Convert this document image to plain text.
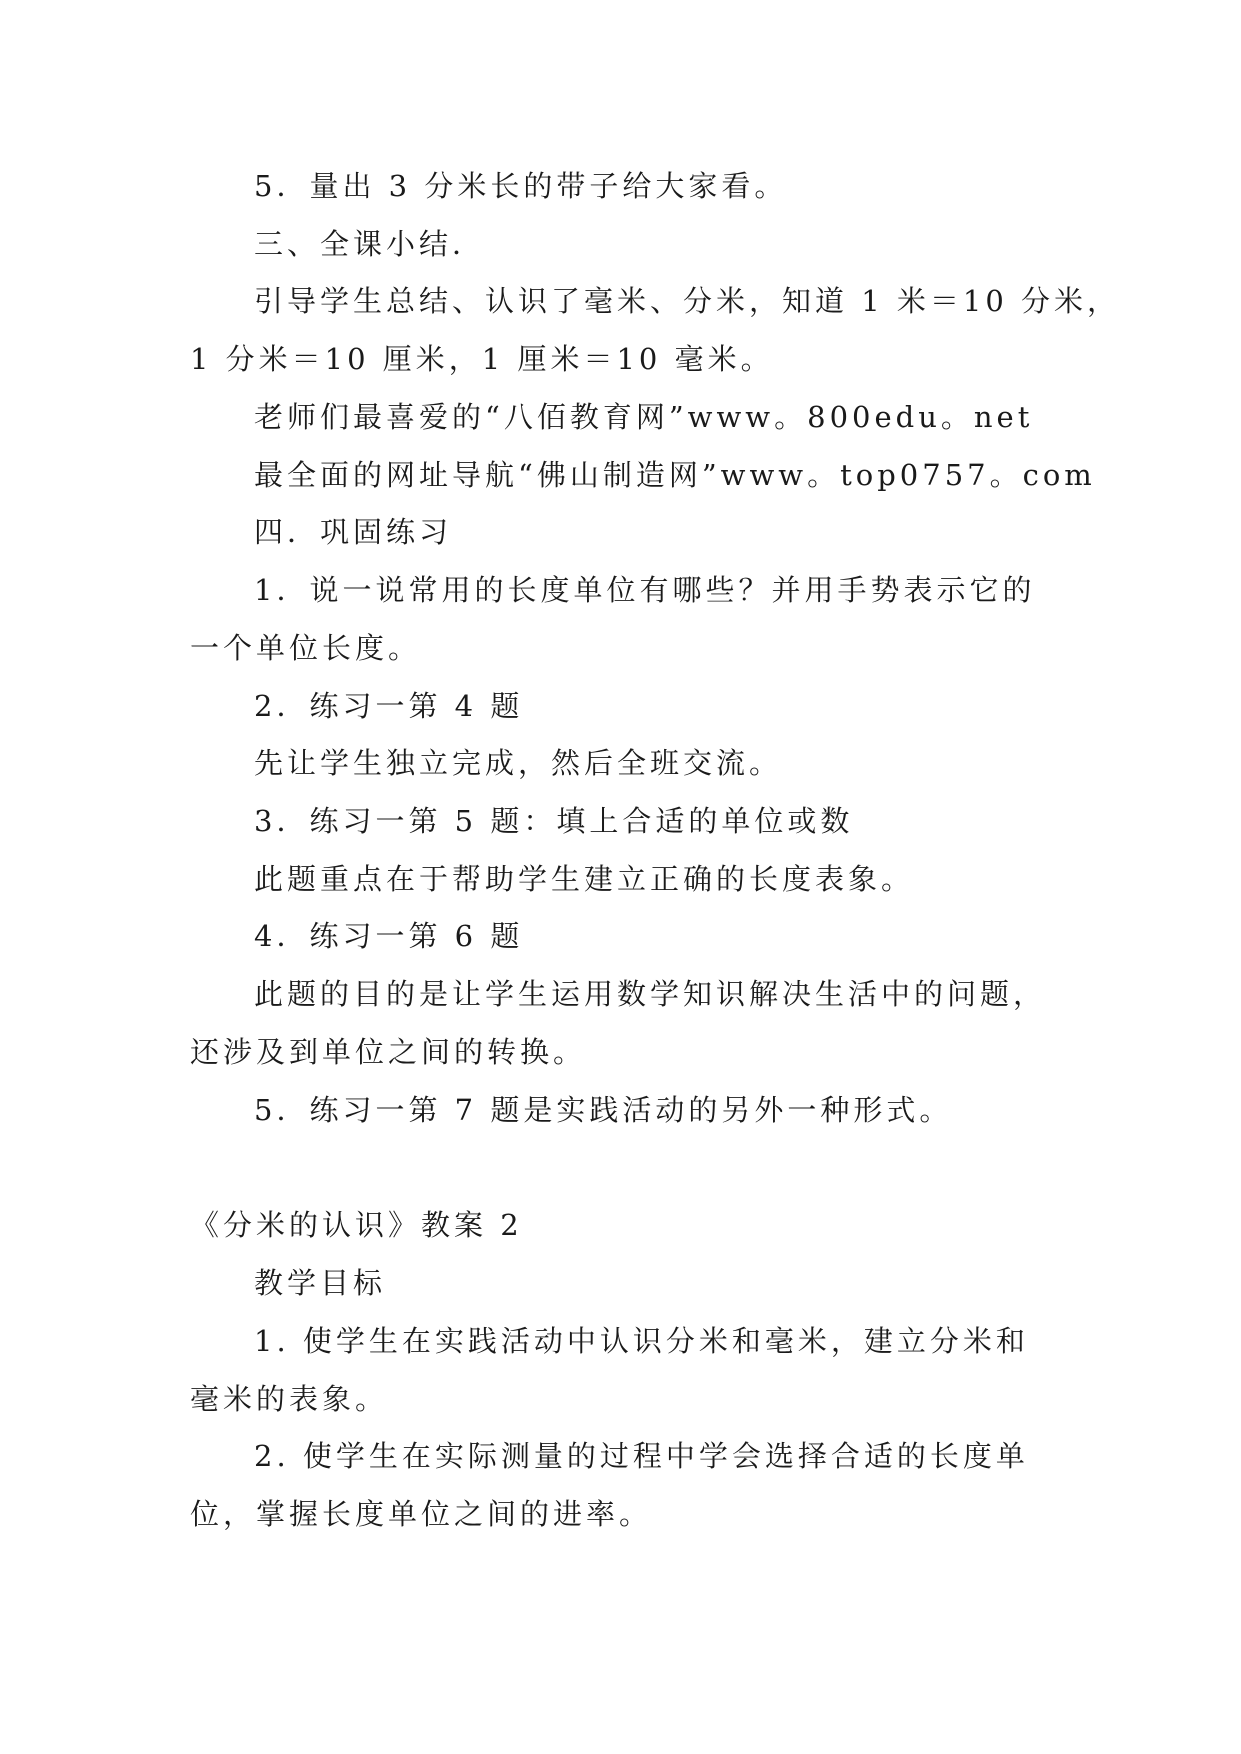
5．量出 3 分米长的带子给大家看。
三、全课小结．
引导学生总结、认识了毫米、分米，知道 1 米＝10 分米，
1 分米＝10 厘米，1 厘米＝10 毫米。
老师们最喜爱的“八佰教育网”www。800edu。net
最全面的网址导航“佛山制造网”www。top0757。com
四．巩固练习
1．说一说常用的长度单位有哪些？并用手势表示它的
一个单位长度。
2．练习一第 4 题
先让学生独立完成，然后全班交流。
3．练习一第 5 题：填上合适的单位或数
此题重点在于帮助学生建立正确的长度表象。
4．练习一第 6 题
此题的目的是让学生运用数学知识解决生活中的问题，
还涉及到单位之间的转换。
5．练习一第 7 题是实践活动的另外一种形式。
《分米的认识》教案 2
教学目标
1. 使学生在实践活动中认识分米和毫米，建立分米和
毫米的表象。
2. 使学生在实际测量的过程中学会选择合适的长度单
位，掌握长度单位之间的进率。
